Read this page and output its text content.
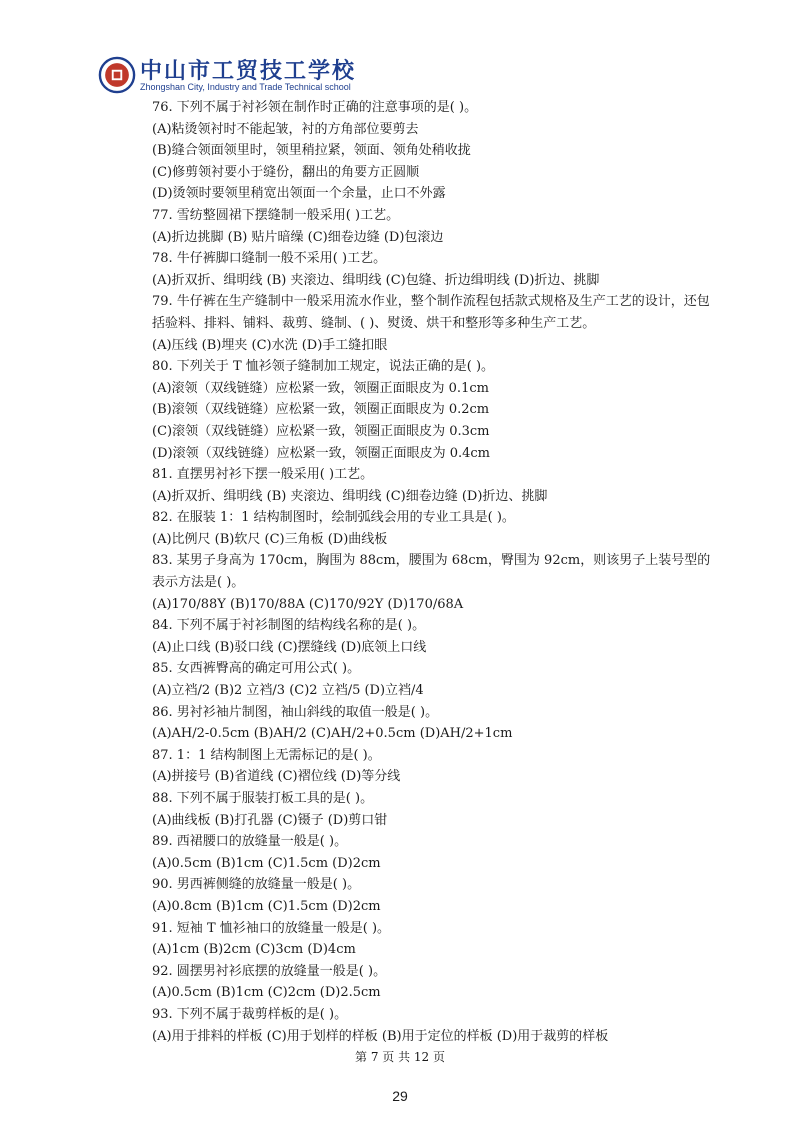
中山市工贸技工学校
Zhongshan City, Industry and Trade Technical school
76. 下列不属于衬衫领在制作时正确的注意事项的是( )。
(A)粘烫领衬时不能起皱，衬的方角部位要剪去
(B)缝合领面领里时，领里稍拉紧，领面、领角处稍收拢
(C)修剪领衬要小于缝份，翻出的角要方正圆顺
(D)烫领时要领里稍宽出领面一个余量，止口不外露
77. 雪纺整圆裙下摆缝制一般采用( )工艺。
(A)折边挑脚 (B) 贴片暗缲 (C)细卷边缝 (D)包滚边
78. 牛仔裤脚口缝制一般不采用( )工艺。
(A)折双折、缉明线 (B) 夹滚边、缉明线 (C)包缝、折边缉明线 (D)折边、挑脚
79. 牛仔裤在生产缝制中一般采用流水作业，整个制作流程包括款式规格及生产工艺的设计，还包括验料、排料、铺料、裁剪、缝制、( )、熨烫、烘干和整形等多种生产工艺。
(A)压线 (B)埋夹 (C)水洗 (D)手工缝扣眼
80. 下列关于 T 恤衫领子缝制加工规定，说法正确的是( )。
(A)滚领（双线链缝）应松紧一致，领圈正面眼皮为 0.1cm
(B)滚领（双线链缝）应松紧一致，领圈正面眼皮为 0.2cm
(C)滚领（双线链缝）应松紧一致，领圈正面眼皮为 0.3cm
(D)滚领（双线链缝）应松紧一致，领圈正面眼皮为 0.4cm
81. 直摆男衬衫下摆一般采用( )工艺。
(A)折双折、缉明线 (B) 夹滚边、缉明线 (C)细卷边缝 (D)折边、挑脚
82. 在服装 1：1 结构制图时，绘制弧线会用的专业工具是( )。
(A)比例尺 (B)软尺 (C)三角板 (D)曲线板
83. 某男子身高为 170cm，胸围为 88cm，腰围为 68cm，臀围为 92cm，则该男子上装号型的表示方法是( )。
(A)170/88Y (B)170/88A (C)170/92Y (D)170/68A
84. 下列不属于衬衫制图的结构线名称的是( )。
(A)止口线 (B)驳口线 (C)摆缝线 (D)底领上口线
85. 女西裤臀高的确定可用公式( )。
(A)立裆/2 (B)2 立裆/3 (C)2 立裆/5 (D)立裆/4
86. 男衬衫袖片制图，袖山斜线的取值一般是( )。
(A)AH/2-0.5cm (B)AH/2 (C)AH/2+0.5cm (D)AH/2+1cm
87. 1：1 结构制图上无需标记的是( )。
(A)拼接号 (B)省道线 (C)褶位线 (D)等分线
88. 下列不属于服装打板工具的是( )。
(A)曲线板 (B)打孔器 (C)镊子 (D)剪口钳
89. 西裙腰口的放缝量一般是( )。
(A)0.5cm (B)1cm (C)1.5cm (D)2cm
90. 男西裤侧缝的放缝量一般是( )。
(A)0.8cm (B)1cm (C)1.5cm (D)2cm
91. 短袖 T 恤衫袖口的放缝量一般是( )。
(A)1cm (B)2cm (C)3cm (D)4cm
92. 圆摆男衬衫底摆的放缝量一般是( )。
(A)0.5cm (B)1cm (C)2cm (D)2.5cm
93. 下列不属于裁剪样板的是( )。
(A)用于排料的样板 (C)用于划样的样板 (B)用于定位的样板 (D)用于裁剪的样板
第 7 页 共 12 页
29
